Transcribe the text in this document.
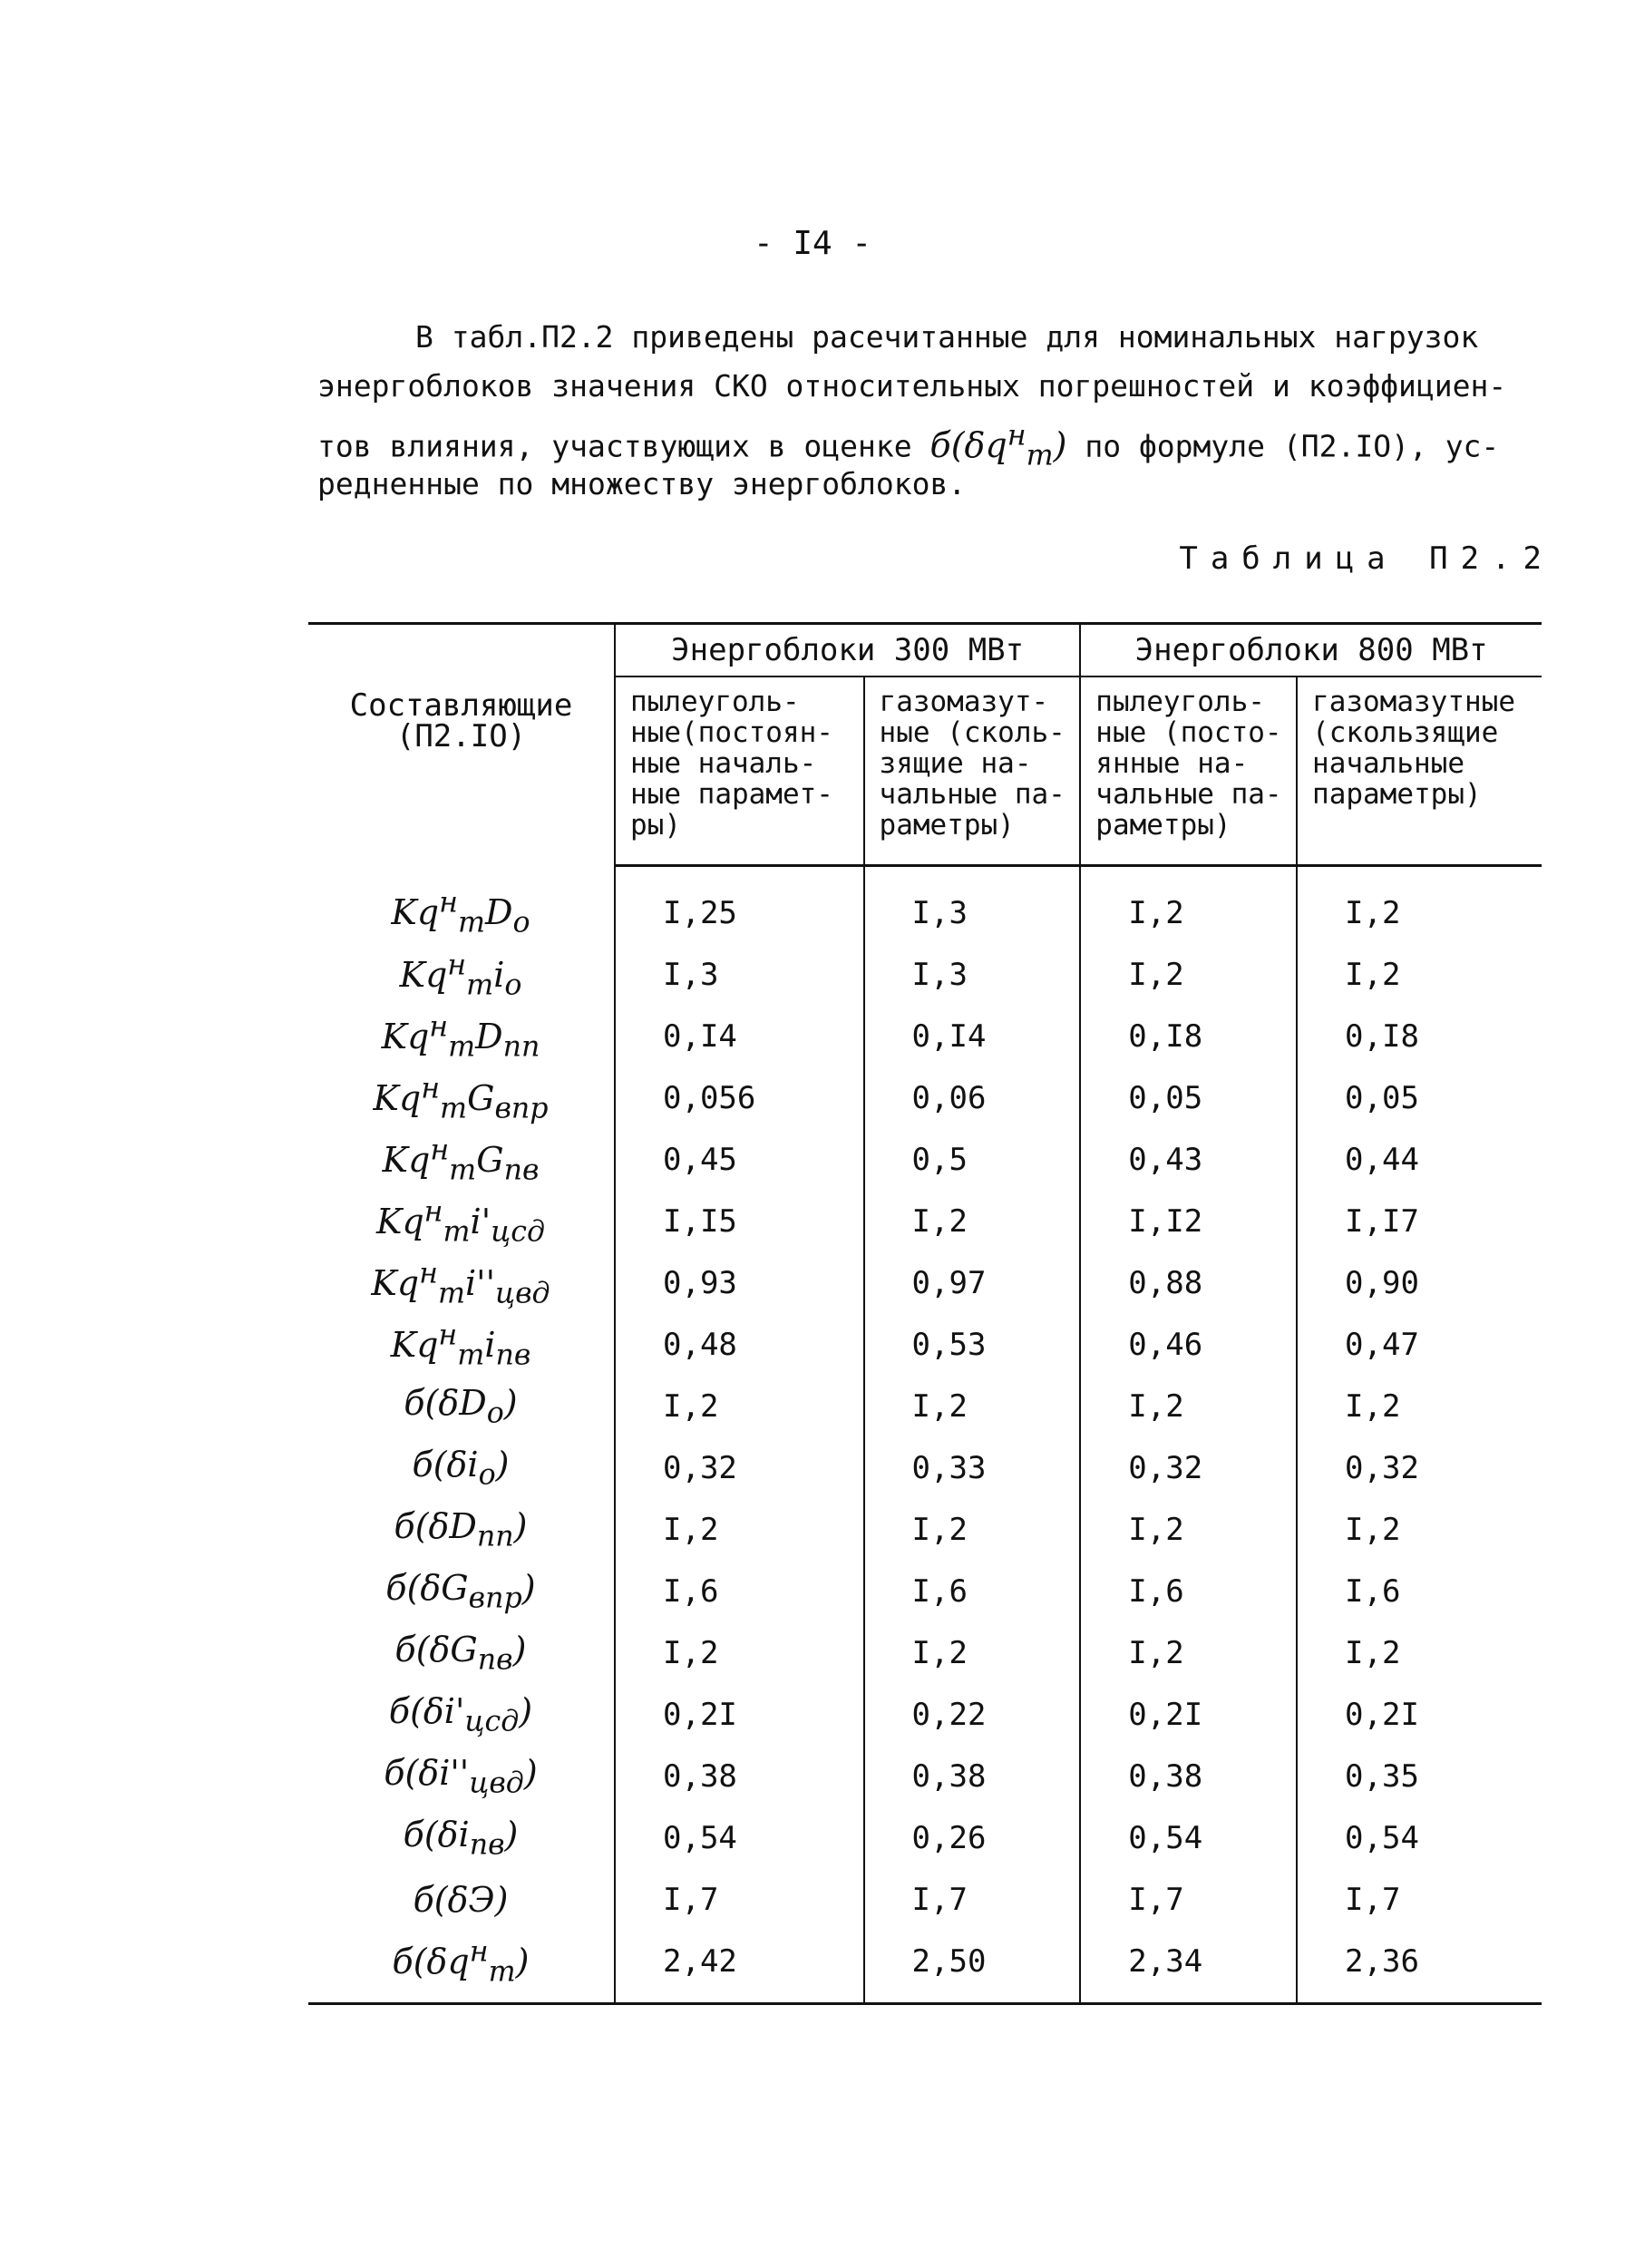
- I4 -
В табл.П2.2 приведены расечитанные для номинальных нагрузок
энергоблоков значения СКО относительных погрешностей и коэффициен-
тов влияния, участвующих в оценке $б(\delta q^н_т)$ по формуле (П2.IО), ус-
редненные по множеству энергоблоков.
Таблица П2.2
Составляющие (П2.IО)	Энергоблоки 300 МВт		Энергоблоки 800 МВт	
	пылеуголь- ные(постоян- ные началь- ные парамет- ры)	газомазут- ные (сколь- зящие на- чальные па- раметры)	пылеуголь- ные (посто- янные на- чальные па- раметры)	газомазутные (скользящие начальные параметры)
$Kq^н_тD_о$	I,25	I,3	I,2	I,2
$Kq^н_тi_о$	I,3	I,3	I,2	I,2
$Kq^н_тD_{пп}$	0,I4	0,I4	0,I8	0,I8
$Kq^н_тG_{впр}$	0,056	0,06	0,05	0,05
$Kq^н_тG_{пв}$	0,45	0,5	0,43	0,44
$Kq^н_тi'_{цсд}$	I,I5	I,2	I,I2	I,I7
$Kq^н_тi''_{цвд}$	0,93	0,97	0,88	0,90
$Kq^н_тi_{пв}$	0,48	0,53	0,46	0,47
$б(\delta D_о)$	I,2	I,2	I,2	I,2
$б(\delta i_о)$	0,32	0,33	0,32	0,32
$б(\delta D_{пп})$	I,2	I,2	I,2	I,2
$б(\delta G_{впр})$	I,6	I,6	I,6	I,6
$б(\delta G_{пв})$	I,2	I,2	I,2	I,2
$б(\delta i'_{цсд})$	0,2I	0,22	0,2I	0,2I
$б(\delta i''_{цвд})$	0,38	0,38	0,38	0,35
$б(\delta i_{пв})$	0,54	0,26	0,54	0,54
б(δЭ)	I,7	I,7	I,7	I,7
$б(\delta q^н_т)$	2,42	2,50	2,34	2,36
